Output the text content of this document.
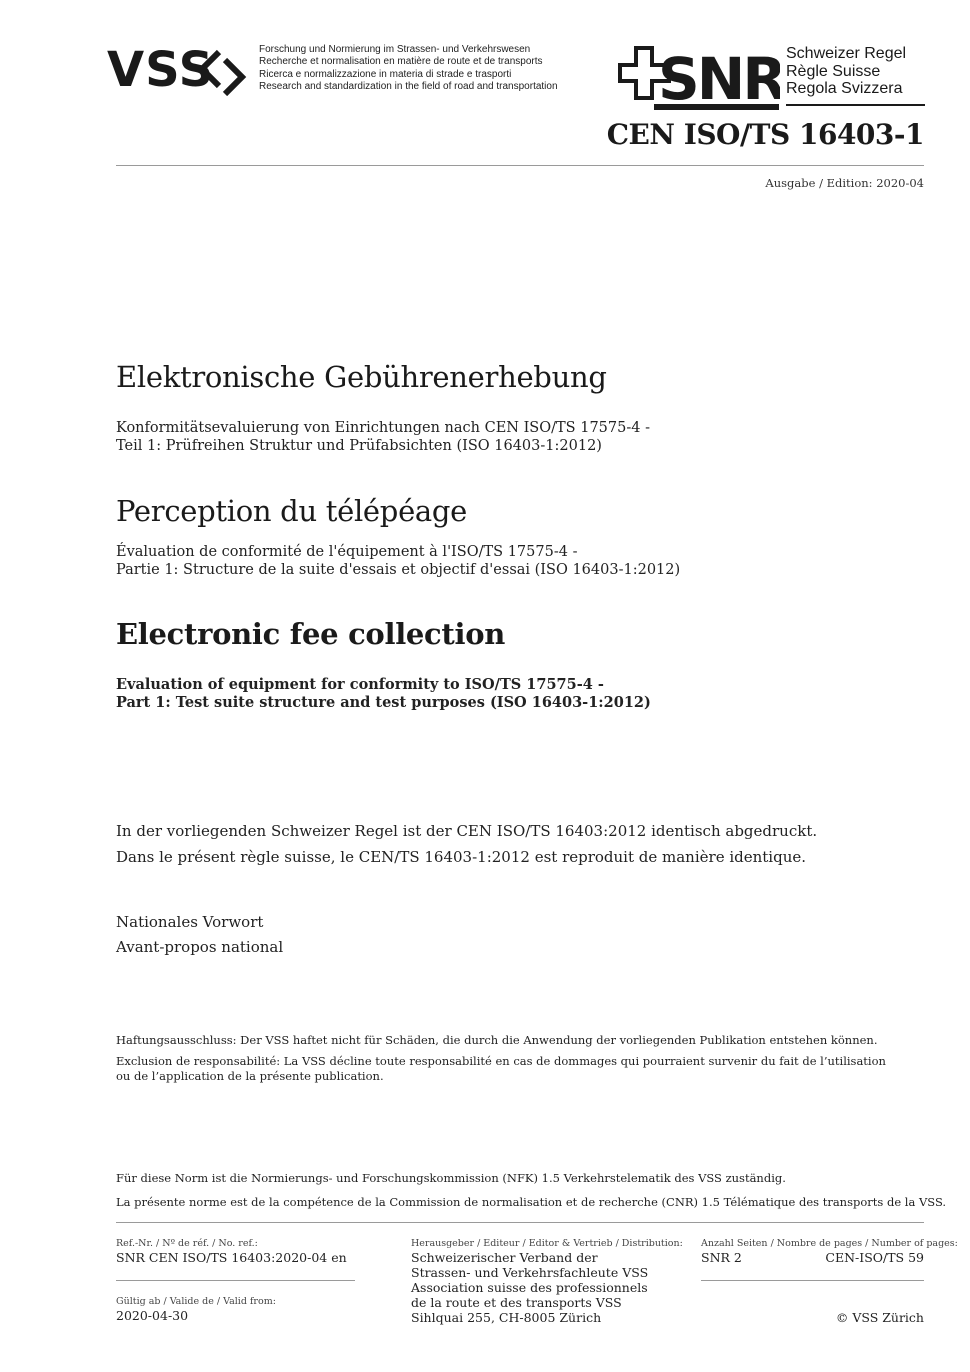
VSS	Forschung und Normierung im Strassen- und Verkehrswesen
Recherche et normalisation en matière de route et de transports
Ricerca e normalizzazione in materia di strade e trasporti
Research and standardization in the field of road and transportation SNR Schweizer Regel
Règle Suisse
Regola Svizzera
CEN ISO/TS 16403-1
Ausgabe / Edition: 2020-04
Elektronische Gebührenerhebung
Konformitätsevaluierung von Einrichtungen nach CEN ISO/TS 17575-4 -
Teil 1: Prüfreihen Struktur und Prüfabsichten (ISO 16403-1:2012)
Perception du télépéage
Évaluation de conformité de l'équipement à l'ISO/TS 17575-4 -
Partie 1: Structure de la suite d'essais et objectif d'essai (ISO 16403-1:2012)
Electronic fee collection
Evaluation of equipment for conformity to ISO/TS 17575-4 -
Part 1: Test suite structure and test purposes (ISO 16403-1:2012)
In der vorliegenden Schweizer Regel ist der CEN ISO/TS 16403:2012 identisch abgedruckt.
Dans le présent règle suisse, le CEN/TS 16403-1:2012 est reproduit de manière identique.
Nationales Vorwort
Avant-propos national
Haftungsausschluss: Der VSS haftet nicht für Schäden, die durch die Anwendung der vorliegenden Publikation entstehen können.
Exclusion de responsabilité: La VSS décline toute responsabilité en cas de dommages qui pourraient survenir du fait de l’utilisation
ou de l’application de la présente publication.
Für diese Norm ist die Normierungs- und Forschungskommission (NFK) 1.5 Verkehrstelematik des VSS zuständig.
La présente norme est de la compétence de la Commission de normalisation et de recherche (CNR) 1.5 Télématique des transports de la VSS.
Ref.-Nr. / Nº de réf. / No. ref.:
SNR CEN ISO/TS 16403:2020-04 en
Gültig ab / Valide de / Valid from:
2020-04-30
Herausgeber / Editeur / Editor & Vertrieb / Distribution:
Schweizerischer Verband der
Strassen- und Verkehrsfachleute VSS
Association suisse des professionnels
de la route et des transports VSS
Sihlquai 255, CH-8005 Zürich
Anzahl Seiten / Nombre de pages / Number of pages:
SNR 2	CEN-ISO/TS 59
© VSS Zürich
